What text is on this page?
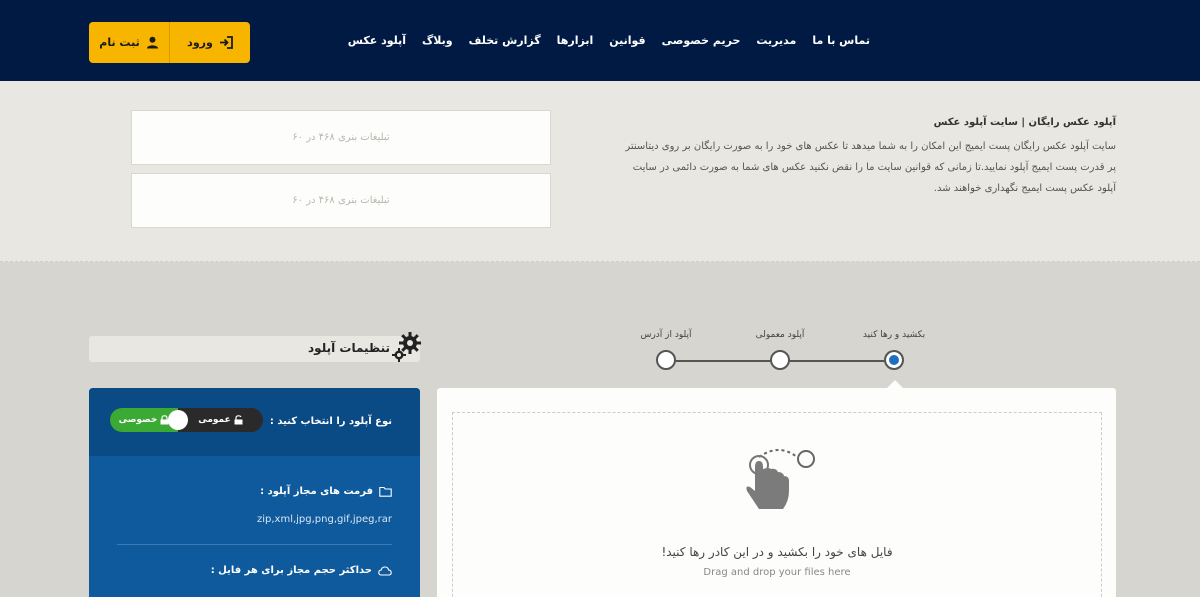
ثبت نام	ورود	آپلود عکس وبلاگ گزارش تخلف ابزارها قوانین حریم خصوصی مدیریت تماس با ما
تبلیغات بنری ۴۶۸ در ۶۰
تبلیغات بنری ۴۶۸ در ۶۰
آپلود عکس رایگان | سایت آپلود عکس
سایت آپلود عکس رایگان پست ایمیج این امکان را به شما میدهد تا عکس های خود را به صورت رایگان بر روی دیتاسنتر پر قدرت پست ایمیج آپلود نمایید.تا زمانی که قوانین سایت ما را نقض نکنید عکس های شما به صورت دائمی در سایت آپلود عکس پست ایمیج نگهداری خواهند شد.
بکشید و رها کنید
آپلود معمولی
آپلود از آدرس
فایل های خود را بکشید و در این کادر رها کنید!
Drag and drop your files here
تنظیمات آپلود
نوع آپلود را انتخاب کنید :
خصوصی	عمومی
فرمت های مجاز آپلود :
zip,xml,jpg,png,gif,jpeg,rar
حداکثر حجم مجاز برای هر فایل :
